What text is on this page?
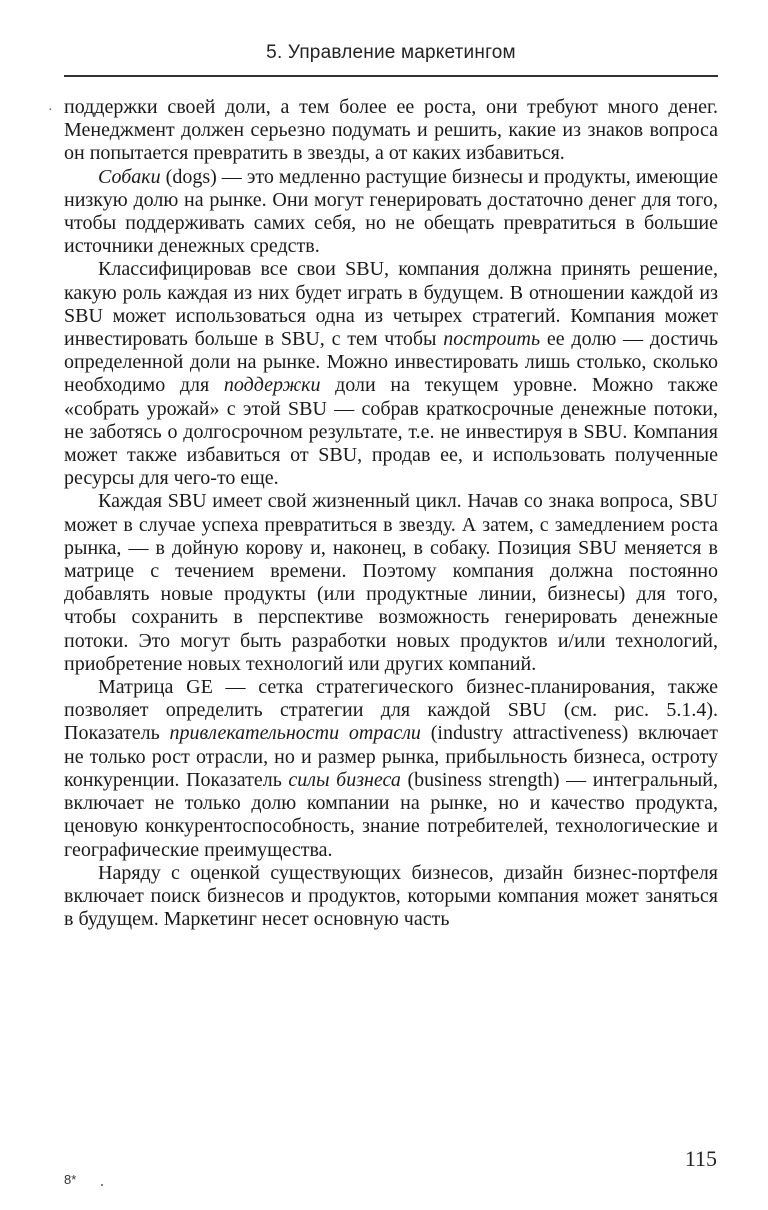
5. Управление маркетингом
· поддержки своей доли, а тем более ее роста, они требуют много денег. Менеджмент должен серьезно подумать и решить, какие из знаков вопроса он попытается превратить в звезды, а от каких избавиться.

Собаки (dogs) — это медленно растущие бизнесы и продукты, имеющие низкую долю на рынке. Они могут генерировать достаточно денег для того, чтобы поддерживать самих себя, но не обещать превратиться в большие источники денежных средств.

Классифицировав все свои SBU, компания должна принять решение, какую роль каждая из них будет играть в будущем. В отношении каждой из SBU может использоваться одна из четырех стратегий. Компания может инвестировать больше в SBU, с тем чтобы построить ее долю — достичь определенной доли на рынке. Можно инвестировать лишь столько, сколько необходимо для поддержки доли на текущем уровне. Можно также «собрать урожай» с этой SBU — собрав краткосрочные денежные потоки, не заботясь о долгосрочном результате, т.е. не инвестируя в SBU. Компания может также избавиться от SBU, продав ее, и использовать полученные ресурсы для чего-то еще.

Каждая SBU имеет свой жизненный цикл. Начав со знака вопроса, SBU может в случае успеха превратиться в звезду. А затем, с замедлением роста рынка, — в дойную корову и, наконец, в собаку. Позиция SBU меняется в матрице с течением времени. Поэтому компания должна постоянно добавлять новые продукты (или продуктные линии, бизнесы) для того, чтобы сохранить в перспективе возможность генерировать денежные потоки. Это могут быть разработки новых продуктов и/или технологий, приобретение новых технологий или других компаний.

Матрица GE — сетка стратегического бизнес-планирования, также позволяет определить стратегии для каждой SBU (см. рис. 5.1.4). Показатель привлекательности отрасли (industry attractiveness) включает не только рост отрасли, но и размер рынка, прибыльность бизнеса, остроту конкуренции. Показатель силы бизнеса (business strength) — интегральный, включает не только долю компании на рынке, но и качество продукта, ценовую конкурентоспособность, знание потребителей, технологические и географические преимущества.

Наряду с оценкой существующих бизнесов, дизайн бизнес-портфеля включает поиск бизнесов и продуктов, которыми компания может заняться в будущем. Маркетинг несет основную часть

115
8*
